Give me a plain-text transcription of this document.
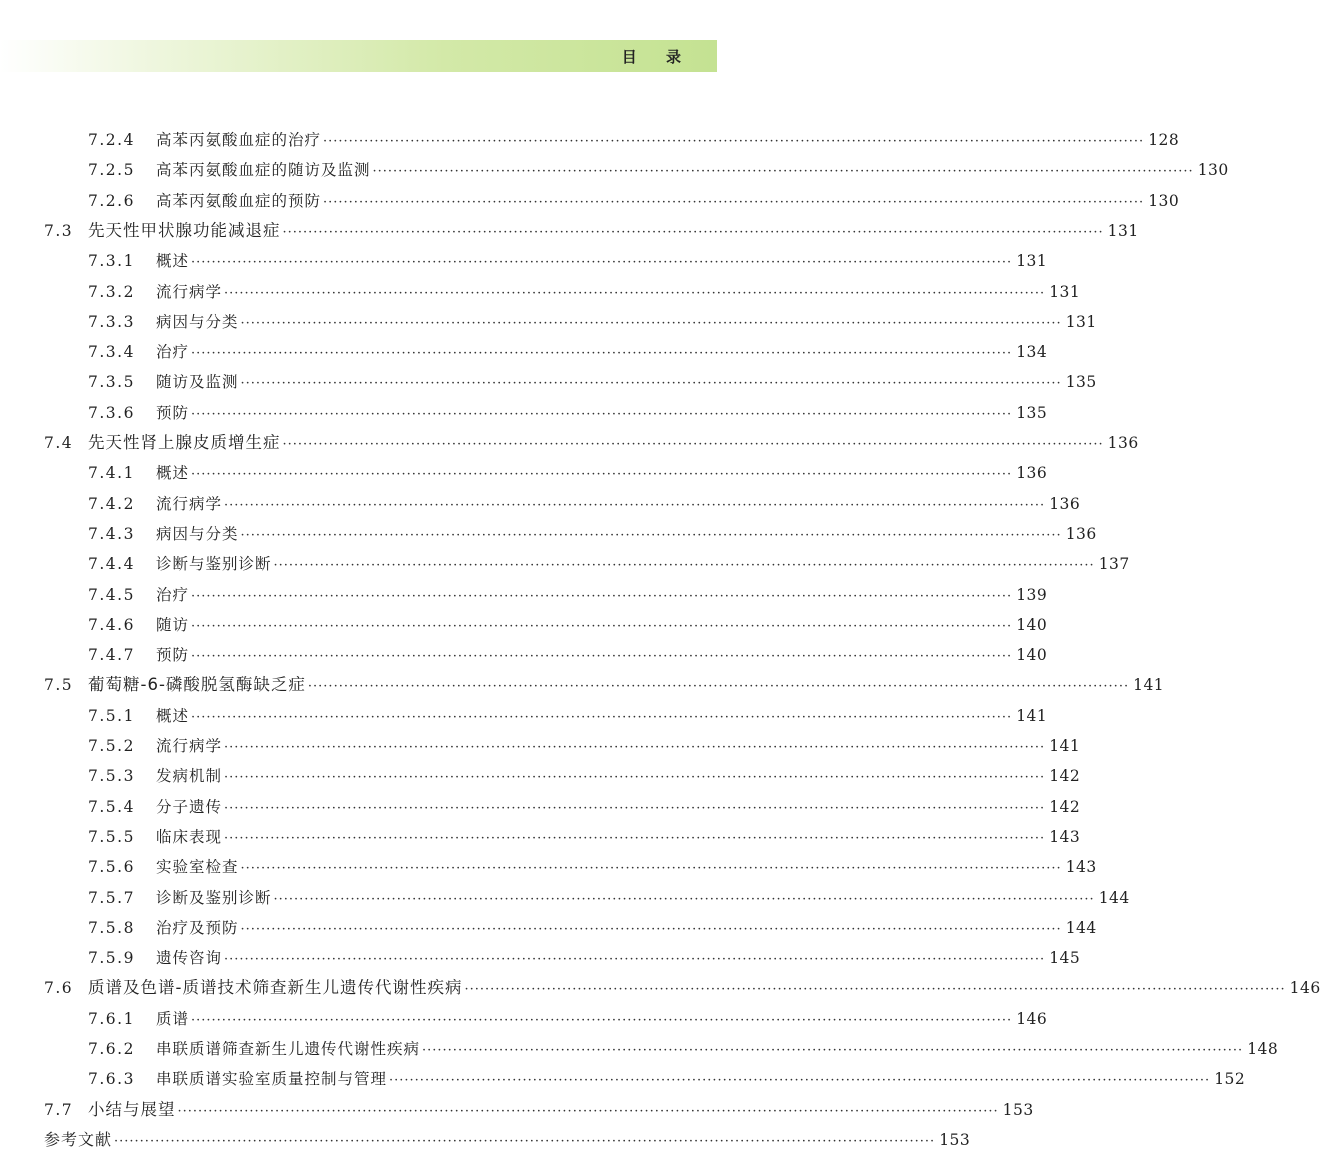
目 录
7.2.4	高苯丙氨酸血症的治疗 ································································································································································ 128
7.2.5	高苯丙氨酸血症的随访及监测 ································································································································································ 130
7.2.6	高苯丙氨酸血症的预防 ································································································································································ 130
7.3 先天性甲状腺功能减退症 ································································································································································ 131
7.3.1	概述 ································································································································································ 131
7.3.2	流行病学 ································································································································································ 131
7.3.3	病因与分类 ································································································································································ 131
7.3.4	治疗 ································································································································································ 134
7.3.5	随访及监测 ································································································································································ 135
7.3.6	预防 ································································································································································ 135
7.4 先天性肾上腺皮质增生症 ································································································································································ 136
7.4.1	概述 ································································································································································ 136
7.4.2	流行病学 ································································································································································ 136
7.4.3	病因与分类 ································································································································································ 136
7.4.4	诊断与鉴别诊断 ································································································································································ 137
7.4.5	治疗 ································································································································································ 139
7.4.6	随访 ································································································································································ 140
7.4.7	预防 ································································································································································ 140
7.5 葡萄糖-6-磷酸脱氢酶缺乏症 ································································································································································ 141
7.5.1	概述 ································································································································································ 141
7.5.2	流行病学 ································································································································································ 141
7.5.3	发病机制 ································································································································································ 142
7.5.4	分子遗传 ································································································································································ 142
7.5.5	临床表现 ································································································································································ 143
7.5.6	实验室检查 ································································································································································ 143
7.5.7	诊断及鉴别诊断 ································································································································································ 144
7.5.8	治疗及预防 ································································································································································ 144
7.5.9	遗传咨询 ································································································································································ 145
7.6 质谱及色谱-质谱技术筛查新生儿遗传代谢性疾病 ································································································································································ 146
7.6.1	质谱 ································································································································································ 146
7.6.2	串联质谱筛查新生儿遗传代谢性疾病 ································································································································································ 148
7.6.3	串联质谱实验室质量控制与管理 ································································································································································ 152
7.7 小结与展望 ································································································································································ 153
参考文献 ································································································································································ 153
